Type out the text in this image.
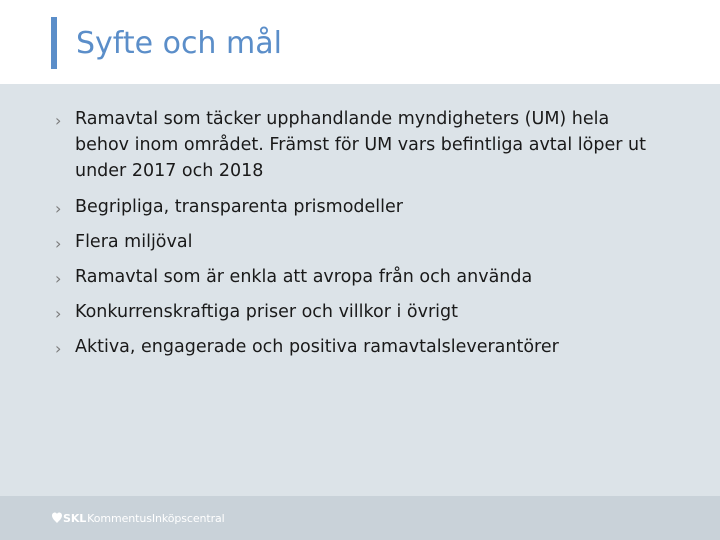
Syfte och mål
› Ramavtal som täcker upphandlande myndigheters (UM) hela behov inom området. Främst för UM vars befintliga avtal löper ut under 2017 och 2018
› Begripliga, transparenta prismodeller
› Flera miljöval
› Ramavtal som är enkla att avropa från och använda
› Konkurrenskraftiga priser och villkor i övrigt
› Aktiva, engagerade och positiva ramavtalsleverantörer
SKL KommentusInköpscentral
